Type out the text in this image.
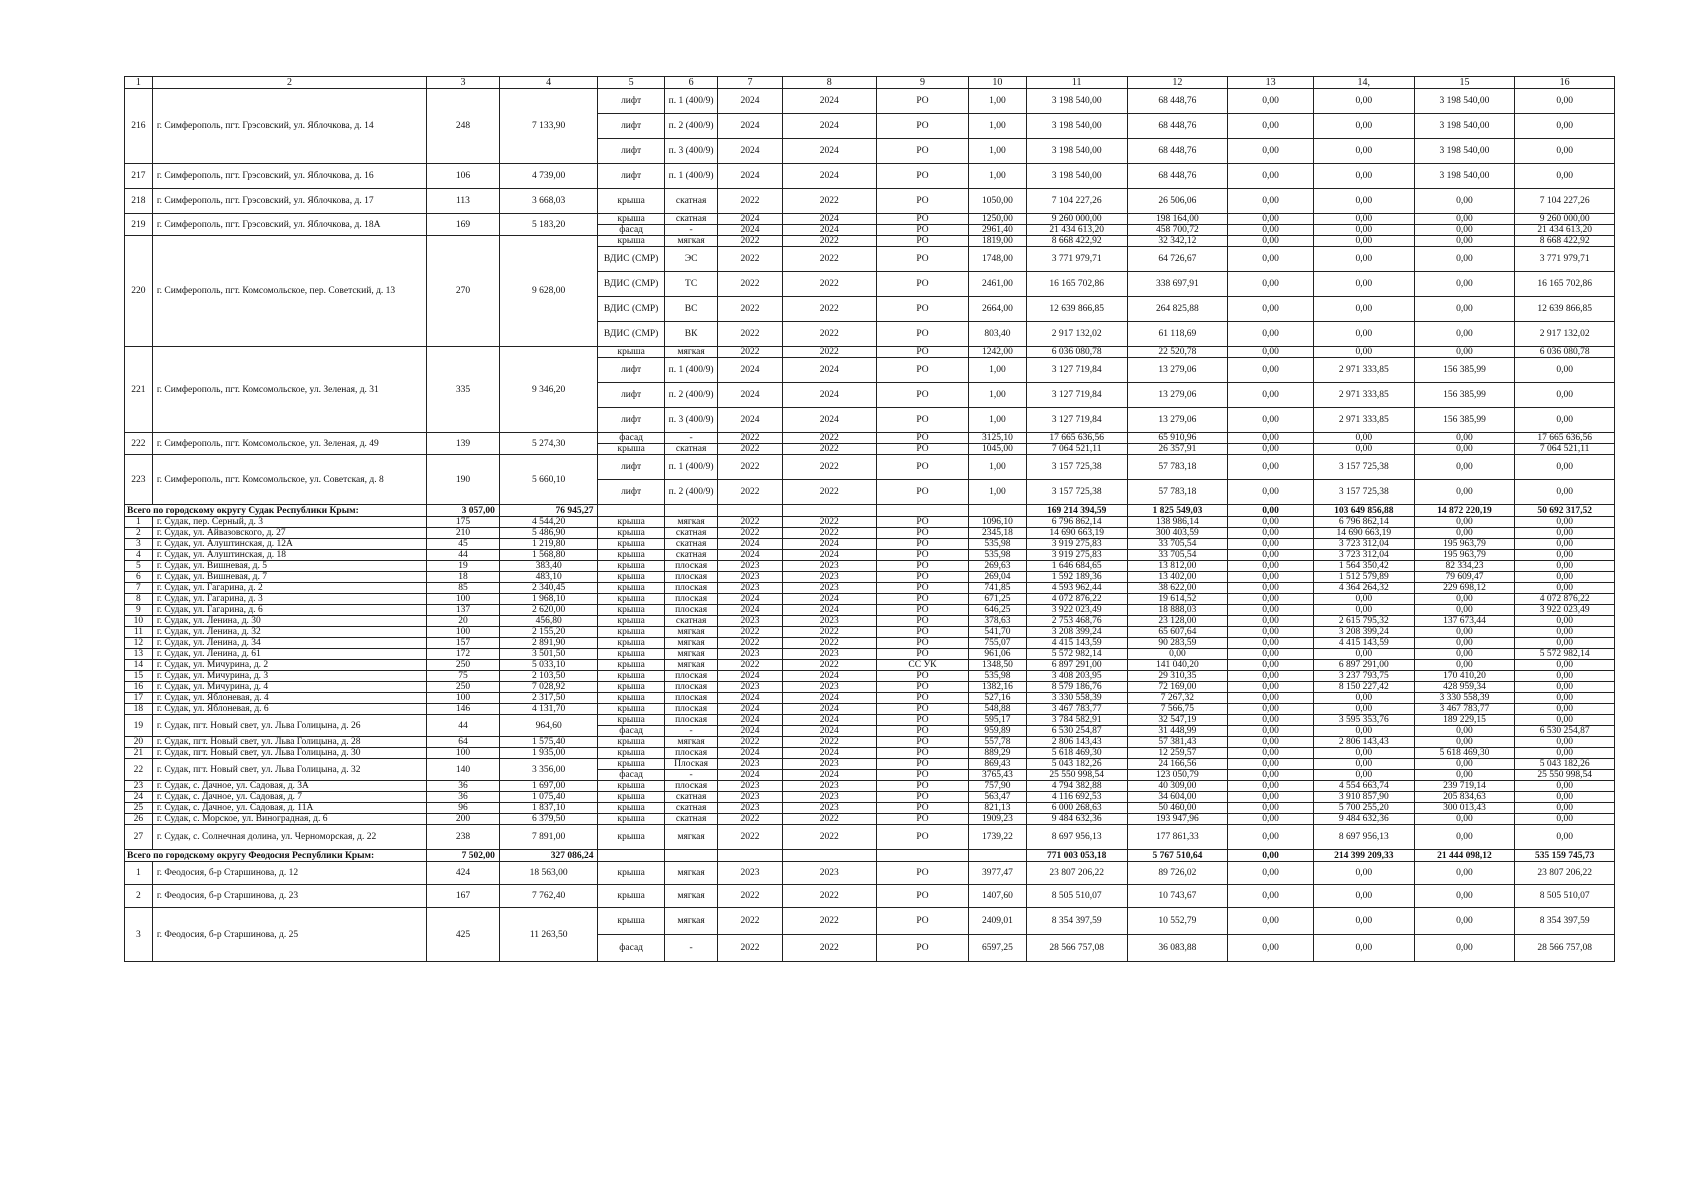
1	2	3	4	5	6	7	8	9	10	11	12	13	14,	15	16
216	г. Симферополь, пгт. Грэсовский, ул. Яблочкова, д. 14	248	7 133,90	лифт	п. 1 (400/9)	2024	2024	РО	1,00	3 198 540,00	68 448,76	0,00	0,00	3 198 540,00	0,00
				лифт	п. 2 (400/9)	2024	2024	РО	1,00	3 198 540,00	68 448,76	0,00	0,00	3 198 540,00	0,00
				лифт	п. 3 (400/9)	2024	2024	РО	1,00	3 198 540,00	68 448,76	0,00	0,00	3 198 540,00	0,00
217	г. Симферополь, пгт. Грэсовский, ул. Яблочкова, д. 16	106	4 739,00	лифт	п. 1 (400/9)	2024	2024	РО	1,00	3 198 540,00	68 448,76	0,00	0,00	3 198 540,00	0,00
218	г. Симферополь, пгт. Грэсовский, ул. Яблочкова, д. 17	113	3 668,03	крыша	скатная	2022	2022	РО	1050,00	7 104 227,26	26 506,06	0,00	0,00	0,00	7 104 227,26
219	г. Симферополь, пгт. Грэсовский, ул. Яблочкова, д. 18А	169	5 183,20	крыша	скатная	2024	2024	РО	1250,00	9 260 000,00	198 164,00	0,00	0,00	0,00	9 260 000,00
				фасад	-	2024	2024	РО	2961,40	21 434 613,20	458 700,72	0,00	0,00	0,00	21 434 613,20
220	г. Симферополь, пгт. Комсомольское, пер. Советский, д. 13	270	9 628,00	крыша	мягкая	2022	2022	РО	1819,00	8 668 422,92	32 342,12	0,00	0,00	0,00	8 668 422,92
				ВДИС (СМР)	ЭС	2022	2022	РО	1748,00	3 771 979,71	64 726,67	0,00	0,00	0,00	3 771 979,71
				ВДИС (СМР)	ТС	2022	2022	РО	2461,00	16 165 702,86	338 697,91	0,00	0,00	0,00	16 165 702,86
				ВДИС (СМР)	ВС	2022	2022	РО	2664,00	12 639 866,85	264 825,88	0,00	0,00	0,00	12 639 866,85
				ВДИС (СМР)	ВК	2022	2022	РО	803,40	2 917 132,02	61 118,69	0,00	0,00	0,00	2 917 132,02
221	г. Симферополь, пгт. Комсомольское, ул. Зеленая, д. 31	335	9 346,20	крыша	мягкая	2022	2022	РО	1242,00	6 036 080,78	22 520,78	0,00	0,00	0,00	6 036 080,78
				лифт	п. 1 (400/9)	2024	2024	РО	1,00	3 127 719,84	13 279,06	0,00	2 971 333,85	156 385,99	0,00
				лифт	п. 2 (400/9)	2024	2024	РО	1,00	3 127 719,84	13 279,06	0,00	2 971 333,85	156 385,99	0,00
				лифт	п. 3 (400/9)	2024	2024	РО	1,00	3 127 719,84	13 279,06	0,00	2 971 333,85	156 385,99	0,00
222	г. Симферополь, пгт. Комсомольское, ул. Зеленая, д. 49	139	5 274,30	фасад	-	2022	2022	РО	3125,10	17 665 636,56	65 910,96	0,00	0,00	0,00	17 665 636,56
				крыша	скатная	2022	2022	РО	1045,00	7 064 521,11	26 357,91	0,00	0,00	0,00	7 064 521,11
223	г. Симферополь, пгт. Комсомольское, ул. Советская, д. 8	190	5 660,10	лифт	п. 1 (400/9)	2022	2022	РО	1,00	3 157 725,38	57 783,18	0,00	3 157 725,38	0,00	0,00
				лифт	п. 2 (400/9)	2022	2022	РО	1,00	3 157 725,38	57 783,18	0,00	3 157 725,38	0,00	0,00
Всего по городскому округу Судак Республики Крым:		3 057,00	76 945,27							169 214 394,59	1 825 549,03	0,00	103 649 856,88	14 872 220,19	50 692 317,52
1	г. Судак, пер. Серный, д. 3	175	4 544,20	крыша	мягкая	2022	2022	РО	1096,10	6 796 862,14	138 986,14	0,00	6 796 862,14	0,00	0,00
2	г. Судак, ул. Айвазовского, д. 27	210	5 486,90	крыша	скатная	2022	2022	РО	2345,18	14 690 663,19	300 403,59	0,00	14 690 663,19	0,00	0,00
3	г. Судак, ул. Алуштинская, д. 12А	45	1 219,80	крыша	скатная	2024	2024	РО	535,98	3 919 275,83	33 705,54	0,00	3 723 312,04	195 963,79	0,00
4	г. Судак, ул. Алуштинская, д. 18	44	1 568,80	крыша	скатная	2024	2024	РО	535,98	3 919 275,83	33 705,54	0,00	3 723 312,04	195 963,79	0,00
5	г. Судак, ул. Вишневая, д. 5	19	383,40	крыша	плоская	2023	2023	РО	269,63	1 646 684,65	13 812,00	0,00	1 564 350,42	82 334,23	0,00
6	г. Судак, ул. Вишневая, д. 7	18	483,10	крыша	плоская	2023	2023	РО	269,04	1 592 189,36	13 402,00	0,00	1 512 579,89	79 609,47	0,00
7	г. Судак, ул. Гагарина, д. 2	85	2 340,45	крыша	плоская	2023	2023	РО	741,85	4 593 962,44	38 622,00	0,00	4 364 264,32	229 698,12	0,00
8	г. Судак, ул. Гагарина, д. 3	100	1 968,10	крыша	плоская	2024	2024	РО	671,25	4 072 876,22	19 614,52	0,00	0,00	0,00	4 072 876,22
9	г. Судак, ул. Гагарина, д. 6	137	2 620,00	крыша	плоская	2024	2024	РО	646,25	3 922 023,49	18 888,03	0,00	0,00	0,00	3 922 023,49
10	г. Судак, ул. Ленина, д. 30	20	456,80	крыша	скатная	2023	2023	РО	378,63	2 753 468,76	23 128,00	0,00	2 615 795,32	137 673,44	0,00
11	г. Судак, ул. Ленина, д. 32	100	2 155,20	крыша	мягкая	2022	2022	РО	541,70	3 208 399,24	65 607,64	0,00	3 208 399,24	0,00	0,00
12	г. Судак, ул. Ленина, д. 34	157	2 891,90	крыша	мягкая	2022	2022	РО	755,07	4 415 143,59	90 283,59	0,00	4 415 143,59	0,00	0,00
13	г. Судак, ул. Ленина, д. 61	172	3 501,50	крыша	мягкая	2023	2023	РО	961,06	5 572 982,14	0,00	0,00	0,00	0,00	5 572 982,14
14	г. Судак, ул. Мичурина, д. 2	250	5 033,10	крыша	мягкая	2022	2022	СС УК	1348,50	6 897 291,00	141 040,20	0,00	6 897 291,00	0,00	0,00
15	г. Судак, ул. Мичурина, д. 3	75	2 103,50	крыша	плоская	2024	2024	РО	535,98	3 408 203,95	29 310,35	0,00	3 237 793,75	170 410,20	0,00
16	г. Судак, ул. Мичурина, д. 4	250	7 028,92	крыша	плоская	2023	2023	РО	1382,16	8 579 186,76	72 169,00	0,00	8 150 227,42	428 959,34	0,00
17	г. Судак, ул. Яблоневая, д. 4	100	2 317,50	крыша	плоская	2024	2024	РО	527,16	3 330 558,39	7 267,32	0,00	0,00	3 330 558,39	0,00
18	г. Судак, ул. Яблоневая, д. 6	146	4 131,70	крыша	плоская	2024	2024	РО	548,88	3 467 783,77	7 566,75	0,00	0,00	3 467 783,77	0,00
19	г. Судак, пгт. Новый свет, ул. Льва Голицына, д. 26	44	964,60	крыша	плоская	2024	2024	РО	595,17	3 784 582,91	32 547,19	0,00	3 595 353,76	189 229,15	0,00
				фасад	-	2024	2024	РО	959,89	6 530 254,87	31 448,99	0,00	0,00	0,00	6 530 254,87
20	г. Судак, пгт. Новый свет, ул. Льва Голицына, д. 28	64	1 575,40	крыша	мягкая	2022	2022	РО	557,78	2 806 143,43	57 381,43	0,00	2 806 143,43	0,00	0,00
21	г. Судак, пгт. Новый свет, ул. Льва Голицына, д. 30	100	1 935,00	крыша	плоская	2024	2024	РО	889,29	5 618 469,30	12 259,57	0,00	0,00	5 618 469,30	0,00
22	г. Судак, пгт. Новый свет, ул. Льва Голицына, д. 32	140	3 356,00	крыша	Плоская	2023	2023	РО	869,43	5 043 182,26	24 166,56	0,00	0,00	0,00	5 043 182,26
				фасад	-	2024	2024	РО	3765,43	25 550 998,54	123 050,79	0,00	0,00	0,00	25 550 998,54
23	г. Судак, с. Дачное, ул. Садовая, д. 3А	36	1 697,00	крыша	плоская	2023	2023	РО	757,90	4 794 382,88	40 309,00	0,00	4 554 663,74	239 719,14	0,00
24	г. Судак, с. Дачное, ул. Садовая, д. 7	36	1 075,40	крыша	скатная	2023	2023	РО	563,47	4 116 692,53	34 604,00	0,00	3 910 857,90	205 834,63	0,00
25	г. Судак, с. Дачное, ул. Садовая, д. 11А	96	1 837,10	крыша	скатная	2023	2023	РО	821,13	6 000 268,63	50 460,00	0,00	5 700 255,20	300 013,43	0,00
26	г. Судак, с. Морское, ул. Виноградная, д. 6	200	6 379,50	крыша	скатная	2022	2022	РО	1909,23	9 484 632,36	193 947,96	0,00	9 484 632,36	0,00	0,00
27	г. Судак, с. Солнечная долина, ул. Черноморская, д. 22	238	7 891,00	крыша	мягкая	2022	2022	РО	1739,22	8 697 956,13	177 861,33	0,00	8 697 956,13	0,00	0,00
Всего по городскому округу Феодосия Республики Крым:		7 502,00	327 086,24							771 003 053,18	5 767 510,64	0,00	214 399 209,33	21 444 098,12	535 159 745,73
1	г. Феодосия, б-р Старшинова, д. 12	424	18 563,00	крыша	мягкая	2023	2023	РО	3977,47	23 807 206,22	89 726,02	0,00	0,00	0,00	23 807 206,22
2	г. Феодосия, б-р Старшинова, д. 23	167	7 762,40	крыша	мягкая	2022	2022	РО	1407,60	8 505 510,07	10 743,67	0,00	0,00	0,00	8 505 510,07
3	г. Феодосия, б-р Старшинова, д. 25	425	11 263,50	крыша	мягкая	2022	2022	РО	2409,01	8 354 397,59	10 552,79	0,00	0,00	0,00	8 354 397,59
				фасад	-	2022	2022	РО	6597,25	28 566 757,08	36 083,88	0,00	0,00	0,00	28 566 757,08
